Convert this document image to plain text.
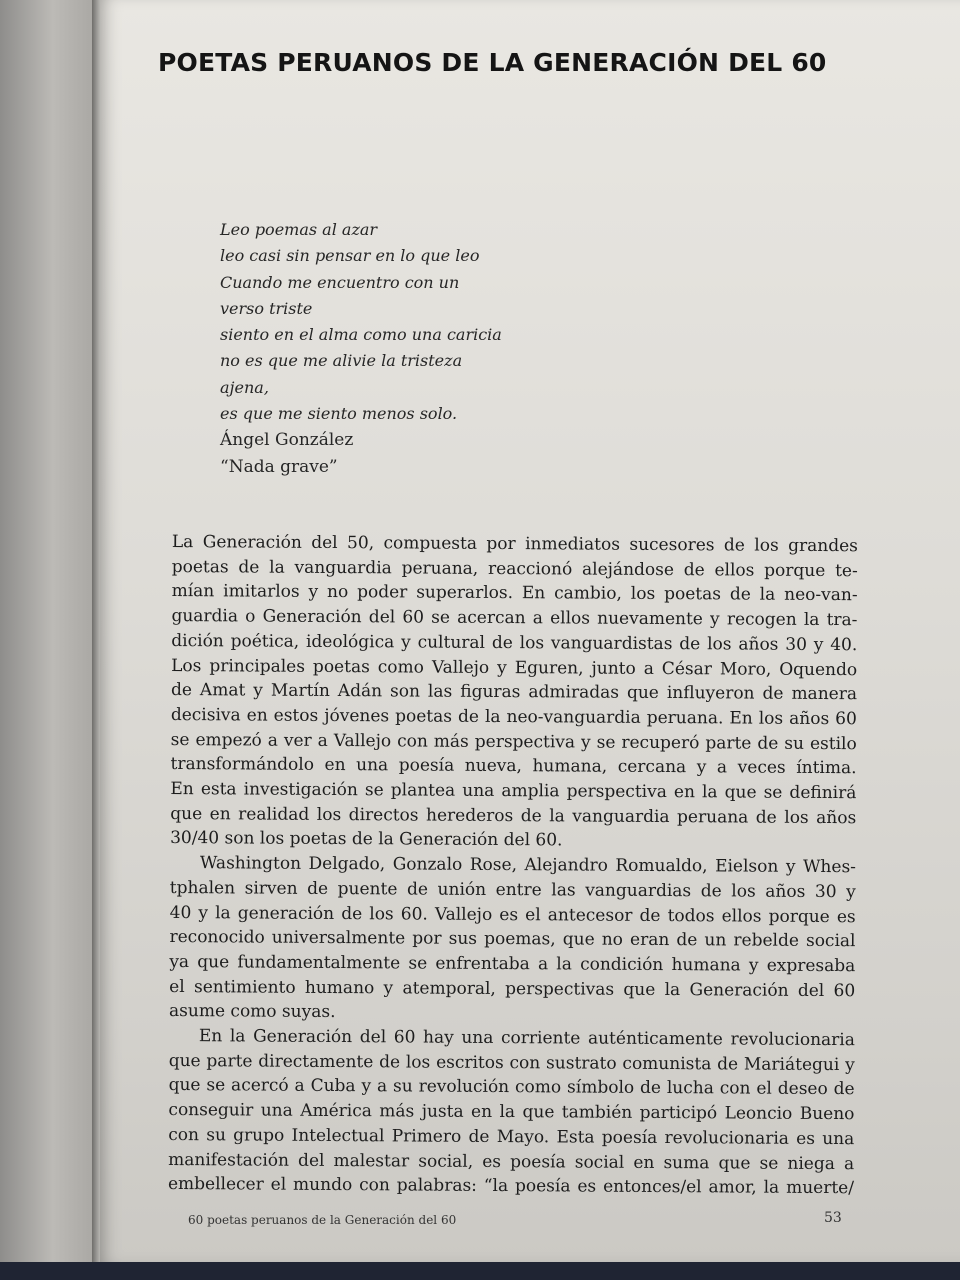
POETAS PERUANOS DE LA GENERACIÓN DEL 60
Leo poemas al azar
leo casi sin pensar en lo que leo
Cuando me encuentro con un
verso triste
siento en el alma como una caricia
no es que me alivie la tristeza
ajena,
es que me siento menos solo.
Ángel González
“Nada grave”
La Generación del 50, compuesta por inmediatos sucesores de los grandes
poetas de la vanguardia peruana, reaccionó alejándose de ellos porque te-
mían imitarlos y no poder superarlos. En cambio, los poetas de la neo-van-
guardia o Generación del 60 se acercan a ellos nuevamente y recogen la tra-
dición poética, ideológica y cultural de los vanguardistas de los años 30 y 40.
Los principales poetas como Vallejo y Eguren, junto a César Moro, Oquendo
de Amat y Martín Adán son las figuras admiradas que influyeron de manera
decisiva en estos jóvenes poetas de la neo-vanguardia peruana. En los años 60
se empezó a ver a Vallejo con más perspectiva y se recuperó parte de su estilo
transformándolo en una poesía nueva, humana, cercana y a veces íntima.
En esta investigación se plantea una amplia perspectiva en la que se definirá
que en realidad los directos herederos de la vanguardia peruana de los años
30/40 son los poetas de la Generación del 60.
Washington Delgado, Gonzalo Rose, Alejandro Romualdo, Eielson y Whes-
tphalen sirven de puente de unión entre las vanguardias de los años 30 y
40 y la generación de los 60. Vallejo es el antecesor de todos ellos porque es
reconocido universalmente por sus poemas, que no eran de un rebelde social
ya que fundamentalmente se enfrentaba a la condición humana y expresaba
el sentimiento humano y atemporal, perspectivas que la Generación del 60
asume como suyas.
En la Generación del 60 hay una corriente auténticamente revolucionaria
que parte directamente de los escritos con sustrato comunista de Mariátegui y
que se acercó a Cuba y a su revolución como símbolo de lucha con el deseo de
conseguir una América más justa en la que también participó Leoncio Bueno
con su grupo Intelectual Primero de Mayo. Esta poesía revolucionaria es una
manifestación del malestar social, es poesía social en suma que se niega a
embellecer el mundo con palabras: “la poesía es entonces/el amor, la muerte/
60 poetas peruanos de la Generación del 60	53
